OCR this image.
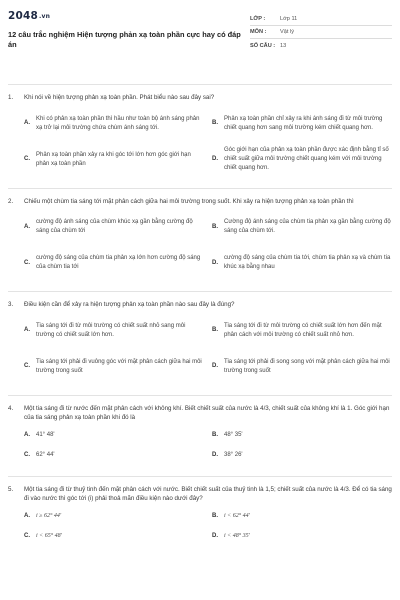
2048.vn
12 câu trắc nghiệm Hiện tượng phản xạ toàn phần cực hay có đáp án
LỚP :	Lớp 11
MÔN :	Vật lý
SỐ CÂU : 13
1.	Khi nói về hiện tượng phản xạ toàn phần. Phát biểu nào sau đây sai?
A.
Khi có phản xạ toàn phần thì hầu như toàn bộ ánh sáng phản xạ trở lại môi trường chứa chùm ánh sáng tới.
B.
Phản xạ toàn phần chỉ xảy ra khi ánh sáng đi từ môi trường chiết quang hơn sang môi trường kém chiết quang hơn.
C.
Phản xạ toàn phần xảy ra khi góc tới lớn hơn góc giới hạn phản xạ toàn phần
D.
Góc giới hạn của phản xạ toàn phần được xác định bằng tỉ số chiết suất giữa môi trường chiết quang kém với môi trường chiết quang hơn.
2.	Chiếu một chùm tia sáng tới mặt phân cách giữa hai môi trường trong suốt. Khi xảy ra hiện tượng phản xạ toàn phần thì
A.
cường độ ánh sáng của chùm khúc xạ gần bằng cường độ sáng của chùm tới
B.
Cường độ ánh sáng của chùm tia phản xạ gần bằng cường độ sáng của chùm tới.
C.
cường độ sáng của chùm tia phản xạ lớn hơn cường độ sáng của chùm tia tới
D.
cường độ sáng của chùm tia tới, chùm tia phản xạ và chùm tia khúc xạ bằng nhau
3.	Điều kiện cần để xảy ra hiện tượng phản xạ toàn phần nào sau đây là đúng?
A.
Tia sáng tới đi từ môi trường có chiết suất nhỏ sang môi trường có chiết suất lớn hơn.
B.
Tia sáng tới đi từ môi trường có chiết suất lớn hơn đến mặt phân cách với môi trường có chiết suất nhỏ hơn.
C.
Tia sáng tới phải đi vuông góc với mặt phân cách giữa hai môi trường trong suốt
D.
Tia sáng tới phải đi song song với mặt phân cách giữa hai môi trường trong suốt
4.	Một tia sáng đi từ nước đến mặt phân cách với không khí. Biết chiết suất của nước là 4/3, chiết suất của không khí là 1. Góc giới hạn của tia sáng phản xạ toàn phần khi đó là
A.	41° 48'	B.	48° 35'
C.	62° 44'	D.	38° 26'
5.	Một tia sáng đi từ thuỷ tinh đến mặt phân cách với nước. Biết chiết suất của thuỷ tinh là 1,5; chiết suất của nước là 4/3. Để có tia sáng đi vào nước thì góc tới (i) phải thoả mãn điều kiện nào dưới đây?
A.	i ≥ 62° 44'	B.	i < 62° 44'
C.	i < 65° 48'	D.	i < 48° 35'
